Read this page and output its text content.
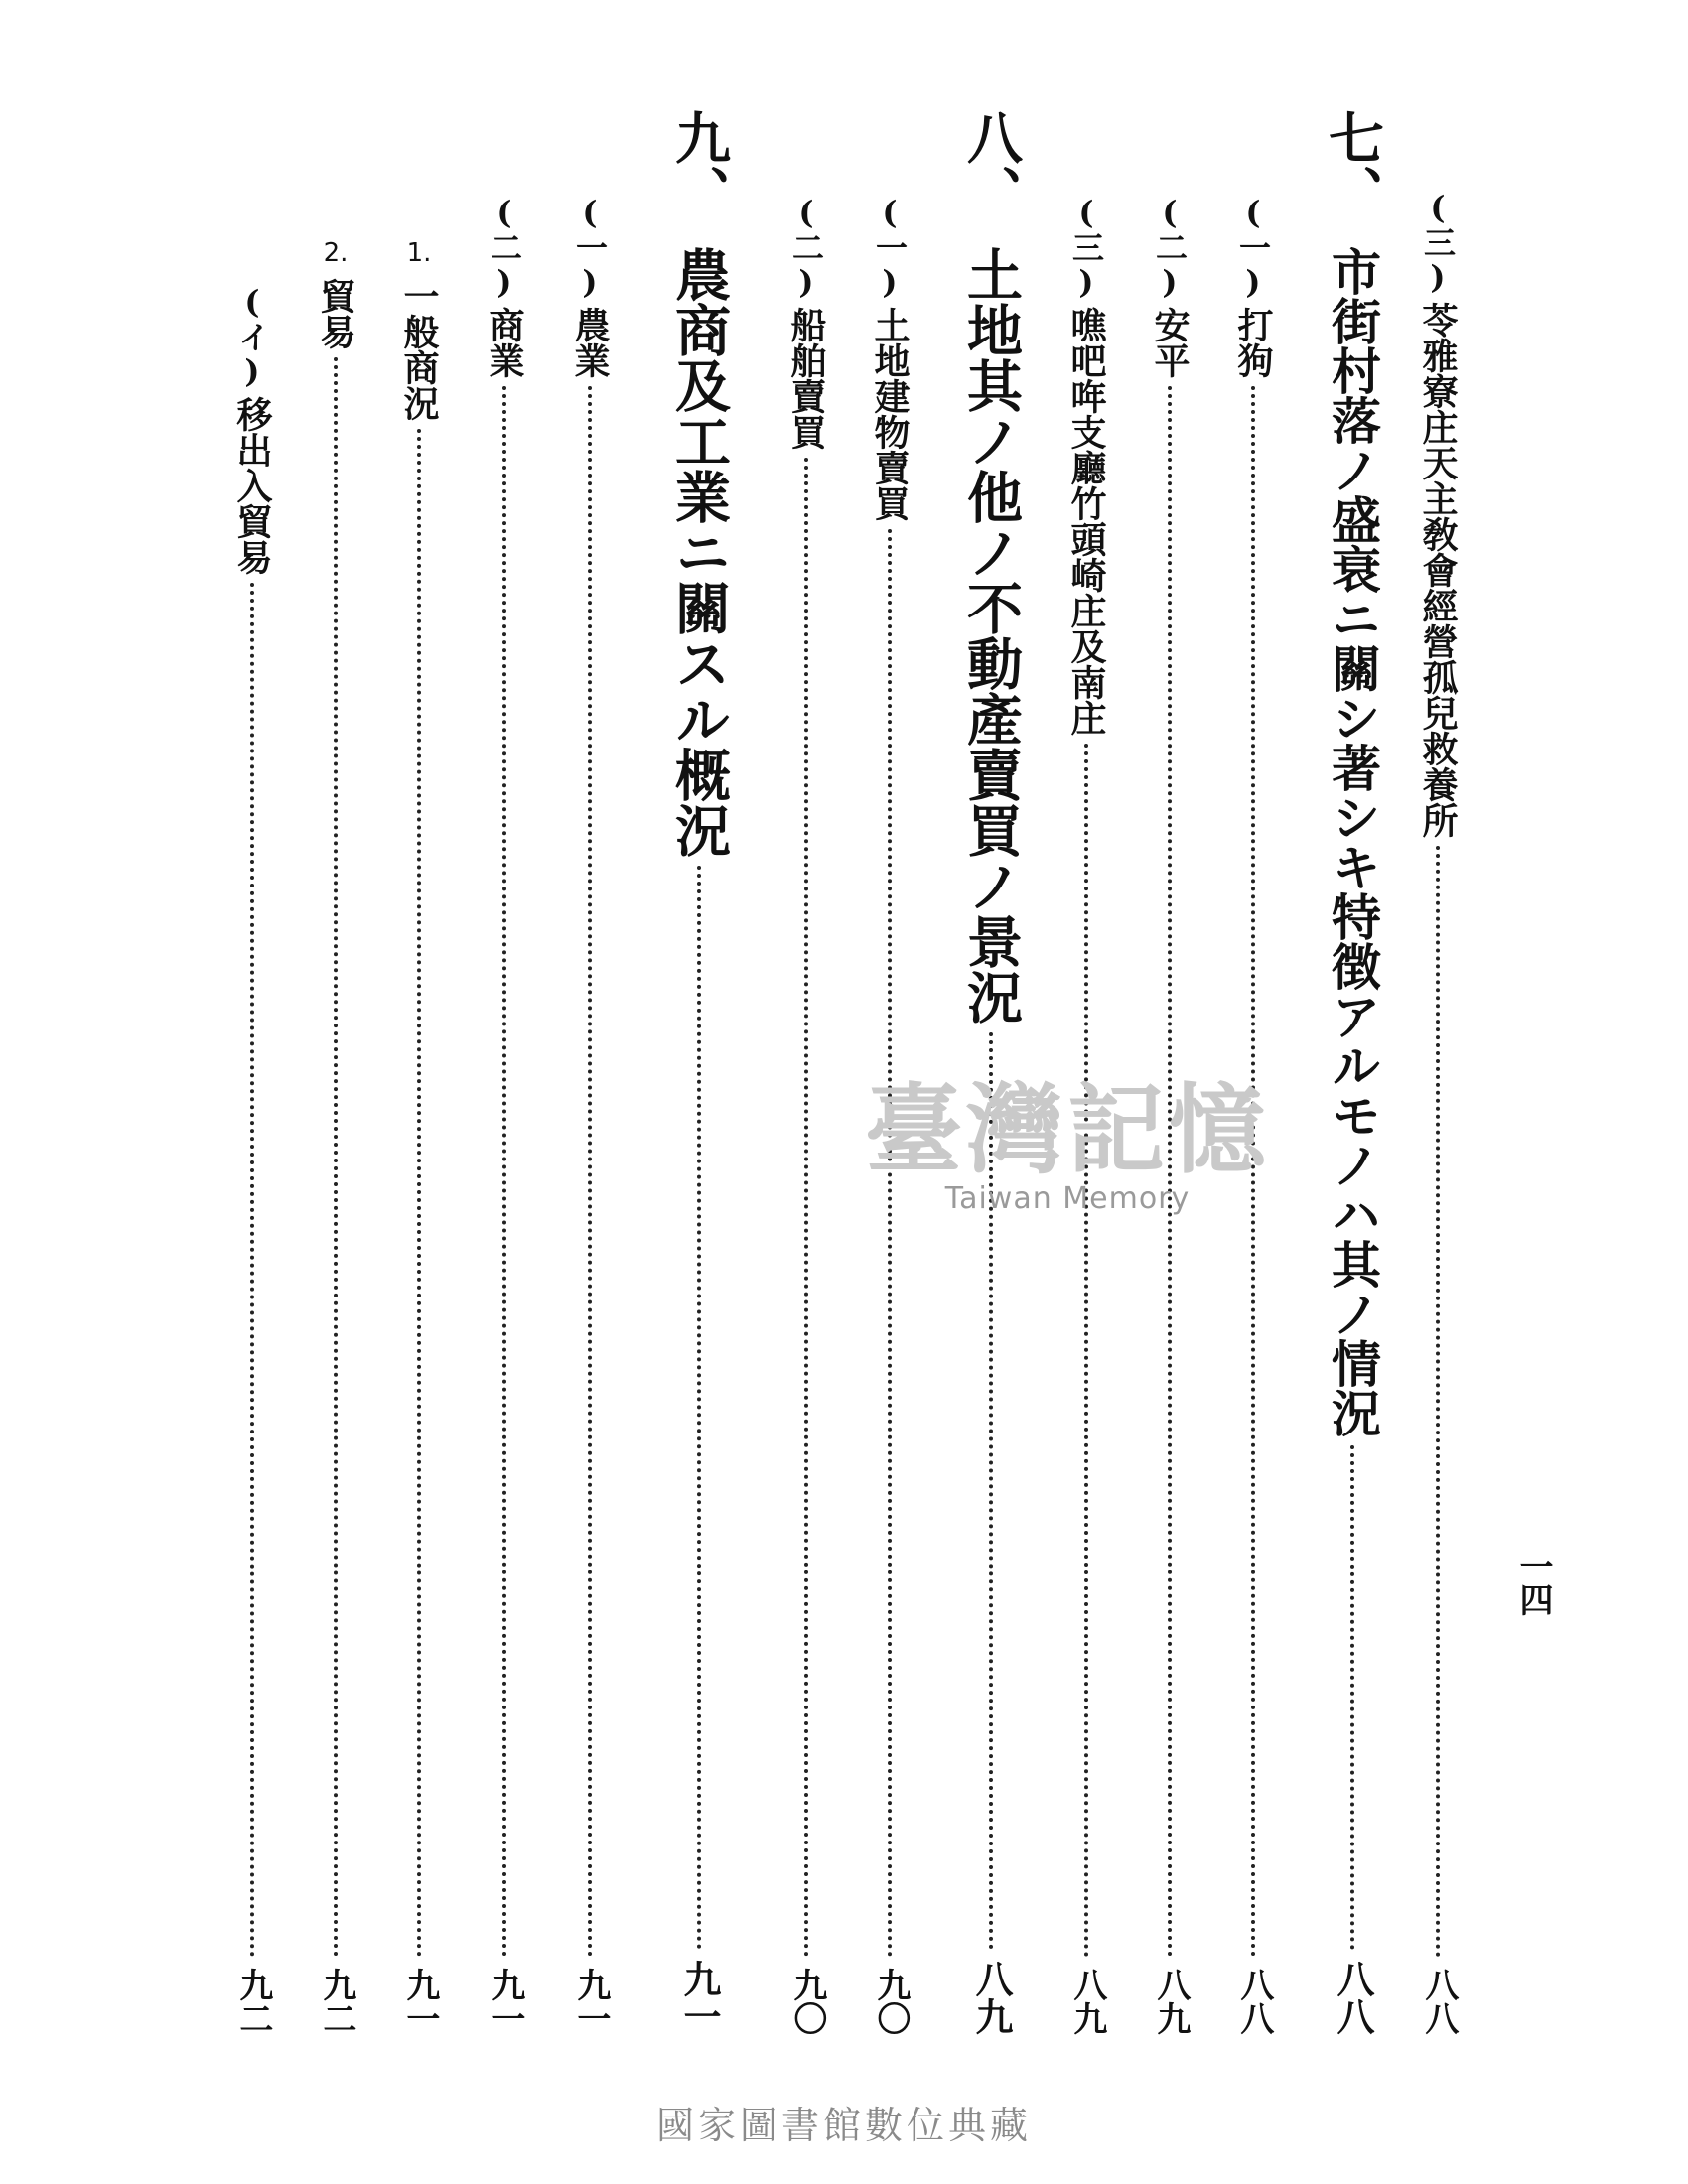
(三)
苓雅寮庄天主敎會經營孤兒救養所
八八
七、
市街村落ノ盛衰ニ關シ著シキ特徴アルモノハ其ノ情況
八八
(一)
打狗
八八
(二)
安平
八九
(三)
噍吧哖支廳竹頭崎庄及南庄
八九
八、
土地其ノ他ノ不動產賣買ノ景況
八九
(一)
土地建物賣買
九〇
(二)
船舶賣買
九〇
九、
農商及工業ニ關スル概況
九一
(一)
農業
九一
(二)
商業
九一
1.
一般商況
九一
2.
貿易
九二
(イ)
移出入貿易
九二
一四
臺灣記憶
Taiwan Memory
國家圖書館數位典藏
